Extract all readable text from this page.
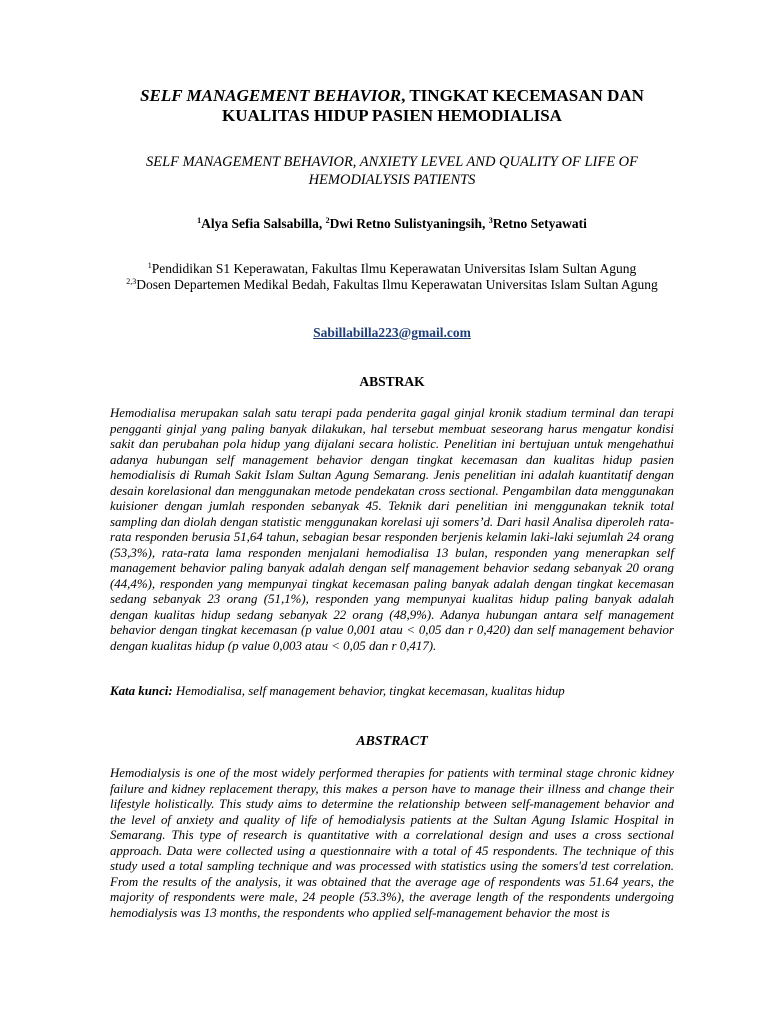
SELF MANAGEMENT BEHAVIOR, TINGKAT KECEMASAN DAN KUALITAS HIDUP PASIEN HEMODIALISA
SELF MANAGEMENT BEHAVIOR, ANXIETY LEVEL AND QUALITY OF LIFE OF HEMODIALYSIS PATIENTS
$^1$Alya Sefia Salsabilla, $^2$Dwi Retno Sulistyaningsih, $^3$Retno Setyawati
$^1$Pendidikan S1 Keperawatan, Fakultas Ilmu Keperawatan Universitas Islam Sultan Agung
$^{2,3}$Dosen Departemen Medikal Bedah, Fakultas Ilmu Keperawatan Universitas Islam Sultan Agung
Sabillabilla223@gmail.com
ABSTRAK

Hemodialisa merupakan salah satu terapi pada penderita gagal ginjal kronik stadium terminal dan terapi pengganti ginjal yang paling banyak dilakukan, hal tersebut membuat seseorang harus mengatur kondisi sakit dan perubahan pola hidup yang dijalani secara holistic. Penelitian ini bertujuan untuk mengehathui adanya hubungan self management behavior dengan tingkat kecemasan dan kualitas hidup pasien hemodialisis di Rumah Sakit Islam Sultan Agung Semarang. Jenis penelitian ini adalah kuantitatif dengan desain korelasional dan menggunakan metode pendekatan cross sectional. Pengambilan data menggunakan kuisioner dengan jumlah responden sebanyak 45. Teknik dari penelitian ini menggunakan teknik total sampling dan diolah dengan statistic menggunakan korelasi uji somers’d. Dari hasil Analisa diperoleh rata-rata responden berusia 51,64 tahun, sebagian besar responden berjenis kelamin laki-laki sejumlah 24 orang (53,3%), rata-rata lama responden menjalani hemodialisa 13 bulan, responden yang menerapkan self management behavior paling banyak adalah dengan self management behavior sedang sebanyak 20 orang (44,4%), responden yang mempunyai tingkat kecemasan paling banyak adalah dengan tingkat kecemasan sedang sebanyak 23 orang (51,1%), responden yang mempunyai kualitas hidup paling banyak adalah dengan kualitas hidup sedang sebanyak 22 orang (48,9%). Adanya hubungan antara self management behavior dengan tingkat kecemasan (p value 0,001 atau < 0,05 dan r 0,420) dan self management behavior dengan kualitas hidup (p value 0,003 atau < 0,05 dan r 0,417).

Kata kunci: Hemodialisa, self management behavior, tingkat kecemasan, kualitas hidup
ABSTRACT

Hemodialysis is one of the most widely performed therapies for patients with terminal stage chronic kidney failure and kidney replacement therapy, this makes a person have to manage their illness and change their lifestyle holistically. This study aims to determine the relationship between self-management behavior and the level of anxiety and quality of life of hemodialysis patients at the Sultan Agung Islamic Hospital in Semarang. This type of research is quantitative with a correlational design and uses a cross sectional approach. Data were collected using a questionnaire with a total of 45 respondents. The technique of this study used a total sampling technique and was processed with statistics using the somers'd test correlation. From the results of the analysis, it was obtained that the average age of respondents was 51.64 years, the majority of respondents were male, 24 people (53.3%), the average length of the respondents undergoing hemodialysis was 13 months, the respondents who applied self-management behavior the most is
